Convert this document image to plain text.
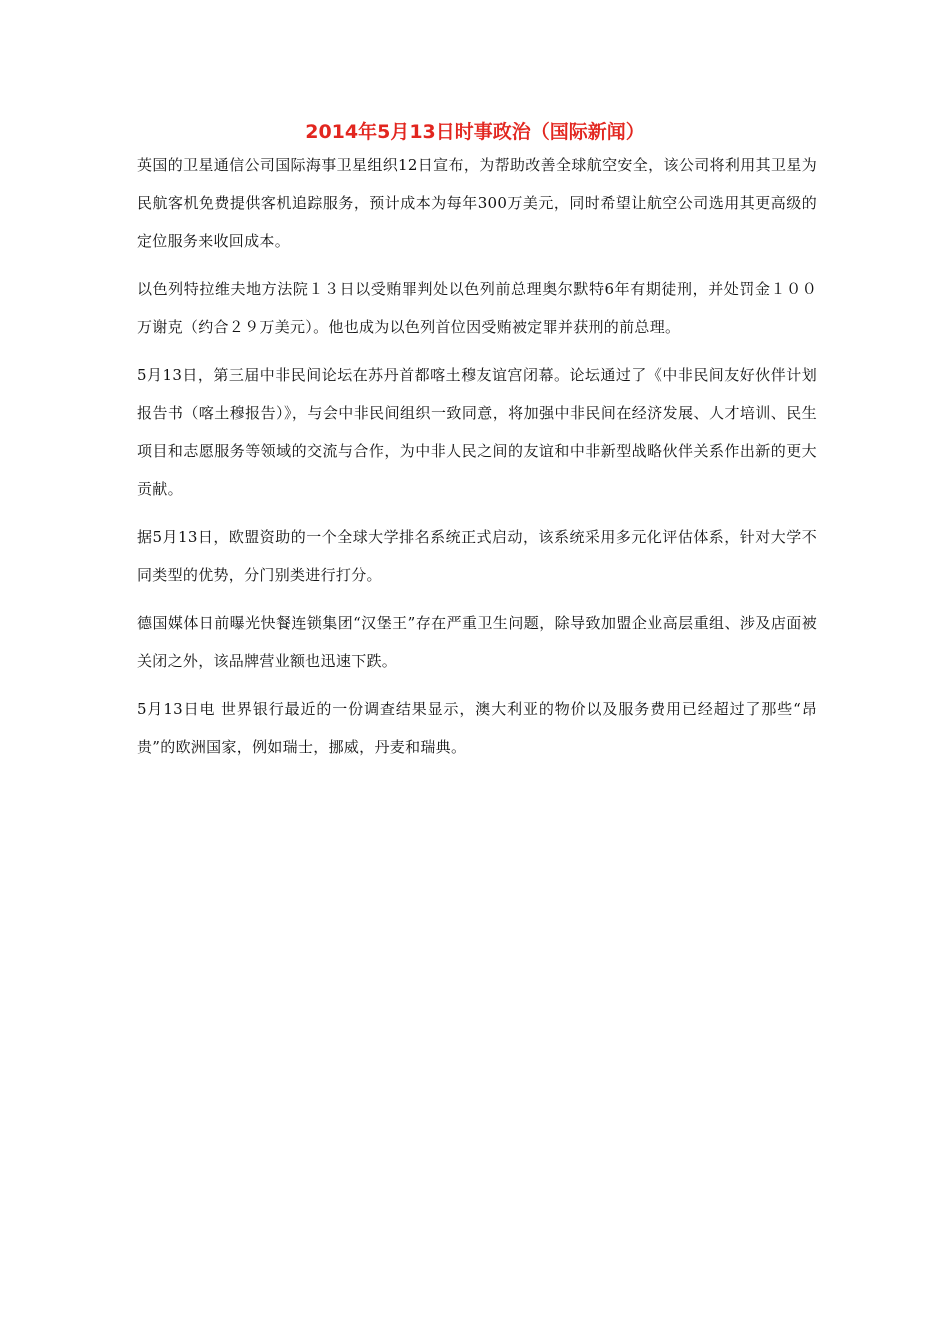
2014年5月13日时事政治（国际新闻）

英国的卫星通信公司国际海事卫星组织12日宣布，为帮助改善全球航空安全，该公司将利用其卫星为民航客机免费提供客机追踪服务，预计成本为每年300万美元，同时希望让航空公司选用其更高级的定位服务来收回成本。

以色列特拉维夫地方法院１３日以受贿罪判处以色列前总理奥尔默特6年有期徒刑，并处罚金１００万谢克（约合２９万美元）。他也成为以色列首位因受贿被定罪并获刑的前总理。

5月13日，第三届中非民间论坛在苏丹首都喀土穆友谊宫闭幕。论坛通过了《中非民间友好伙伴计划报告书（喀土穆报告）》，与会中非民间组织一致同意，将加强中非民间在经济发展、人才培训、民生项目和志愿服务等领域的交流与合作，为中非人民之间的友谊和中非新型战略伙伴关系作出新的更大贡献。

据5月13日，欧盟资助的一个全球大学排名系统正式启动，该系统采用多元化评估体系，针对大学不同类型的优势，分门别类进行打分。

德国媒体日前曝光快餐连锁集团“汉堡王”存在严重卫生问题，除导致加盟企业高层重组、涉及店面被关闭之外，该品牌营业额也迅速下跌。

5月13日电 世界银行最近的一份调查结果显示，澳大利亚的物价以及服务费用已经超过了那些“昂贵”的欧洲国家，例如瑞士，挪威，丹麦和瑞典。
